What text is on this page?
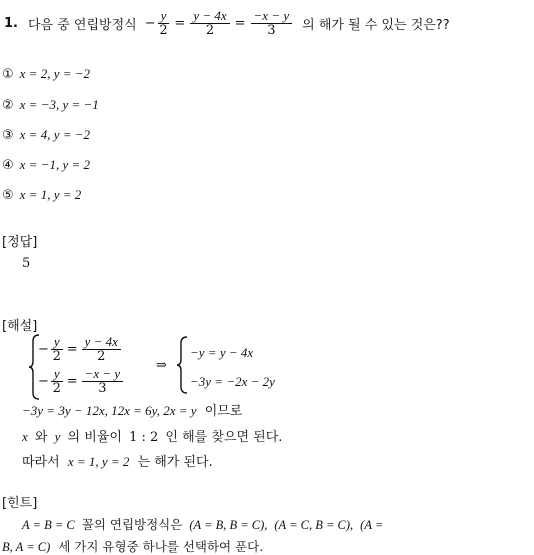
1. 다음 중 연립방정식 − $\frac{y}{2} = \frac{y - 4x}{2} = \frac{-x - y}{3}$ 의 해가 될 수 있는 것은??
① x = 2, y = −2
② x = −3, y = −1
③ x = 4, y = −2
④ x = −1, y = 2
⑤ x = 1, y = 2
[정답]
5
[해설]
− $\frac{y}{2} = \frac{y - 4x}{2}$
− $\frac{y}{2} = \frac{-x - y}{3}$
⇒
−y = y − 4x
−3y = −2x − 2y
−3y = 3y − 12x, 12x = 6y, 2x = y 이므로
x 와 y 의 비율이 1 : 2 인 해를 찾으면 된다.
따라서 x = 1, y = 2 는 해가 된다.
[힌트]
A = B = C 꼴의 연립방정식은 (A = B, B = C), (A = C, B = C), (A =
B, A = C) 세 가지 유형중 하나를 선택하여 푼다.
